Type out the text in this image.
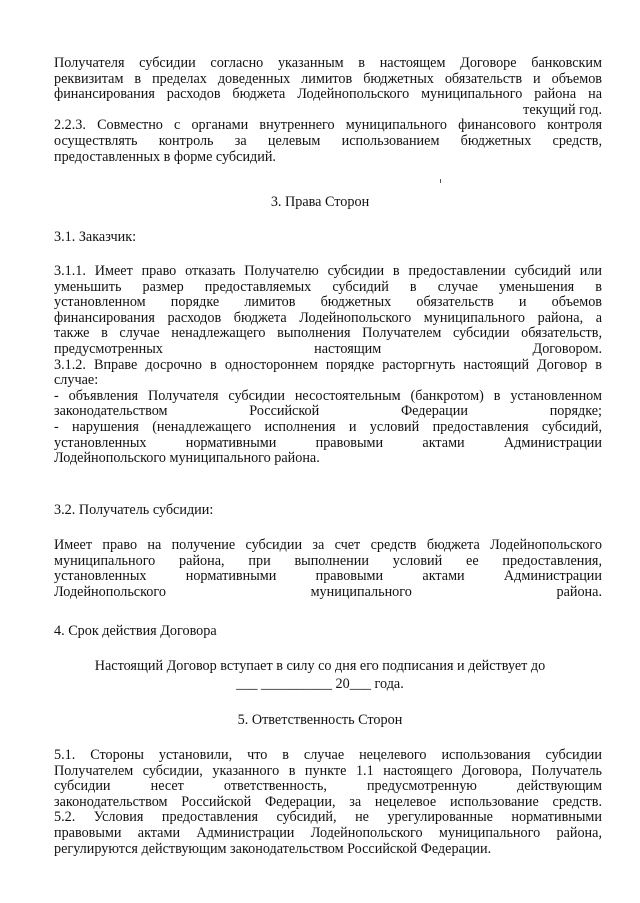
Получателя субсидии согласно указанным в настоящем Договоре банковским
реквизитам в пределах доведенных лимитов бюджетных обязательств и объемов
финансирования расходов бюджета Лодейнопольского муниципального района на
текущий год.
2.2.3. Совместно с органами внутреннего муниципального финансового контроля
осуществлять контроль за целевым использованием бюджетных средств,
предоставленных в форме субсидий.

3. Права Сторон

3.1. Заказчик:

3.1.1. Имеет право отказать Получателю субсидии в предоставлении субсидий или
уменьшить размер предоставляемых субсидий в случае уменьшения в
установленном порядке лимитов бюджетных обязательств и объемов
финансирования расходов бюджета Лодейнопольского муниципального района, а
также в случае ненадлежащего выполнения Получателем субсидии обязательств,
предусмотренных настоящим Договором.
3.1.2. Вправе досрочно в одностороннем порядке расторгнуть настоящий Договор в
случае:
- объявления Получателя субсидии несостоятельным (банкротом) в установленном
законодательством Российской Федерации порядке;
- нарушения (ненадлежащего исполнения и условий предоставления субсидий,
установленных нормативными правовыми актами Администрации
Лодейнопольского муниципального района.

3.2. Получатель субсидии:

Имеет право на получение субсидии за счет средств бюджета Лодейнопольского
муниципального района, при выполнении условий ее предоставления,
установленных нормативными правовыми актами Администрации
Лодейнопольского муниципального района.

4. Срок действия Договора

Настоящий Договор вступает в силу со дня его подписания и действует до

___ __________ 20___ года.

5. Ответственность Сторон

5.1. Стороны установили, что в случае нецелевого использования субсидии
Получателем субсидии, указанного в пункте 1.1 настоящего Договора, Получатель
субсидии несет ответственность, предусмотренную действующим
законодательством Российской Федерации, за нецелевое использование средств.
5.2. Условия предоставления субсидий, не урегулированные нормативными
правовыми актами Администрации Лодейнопольского муниципального района,
регулируются действующим законодательством Российской Федерации.
